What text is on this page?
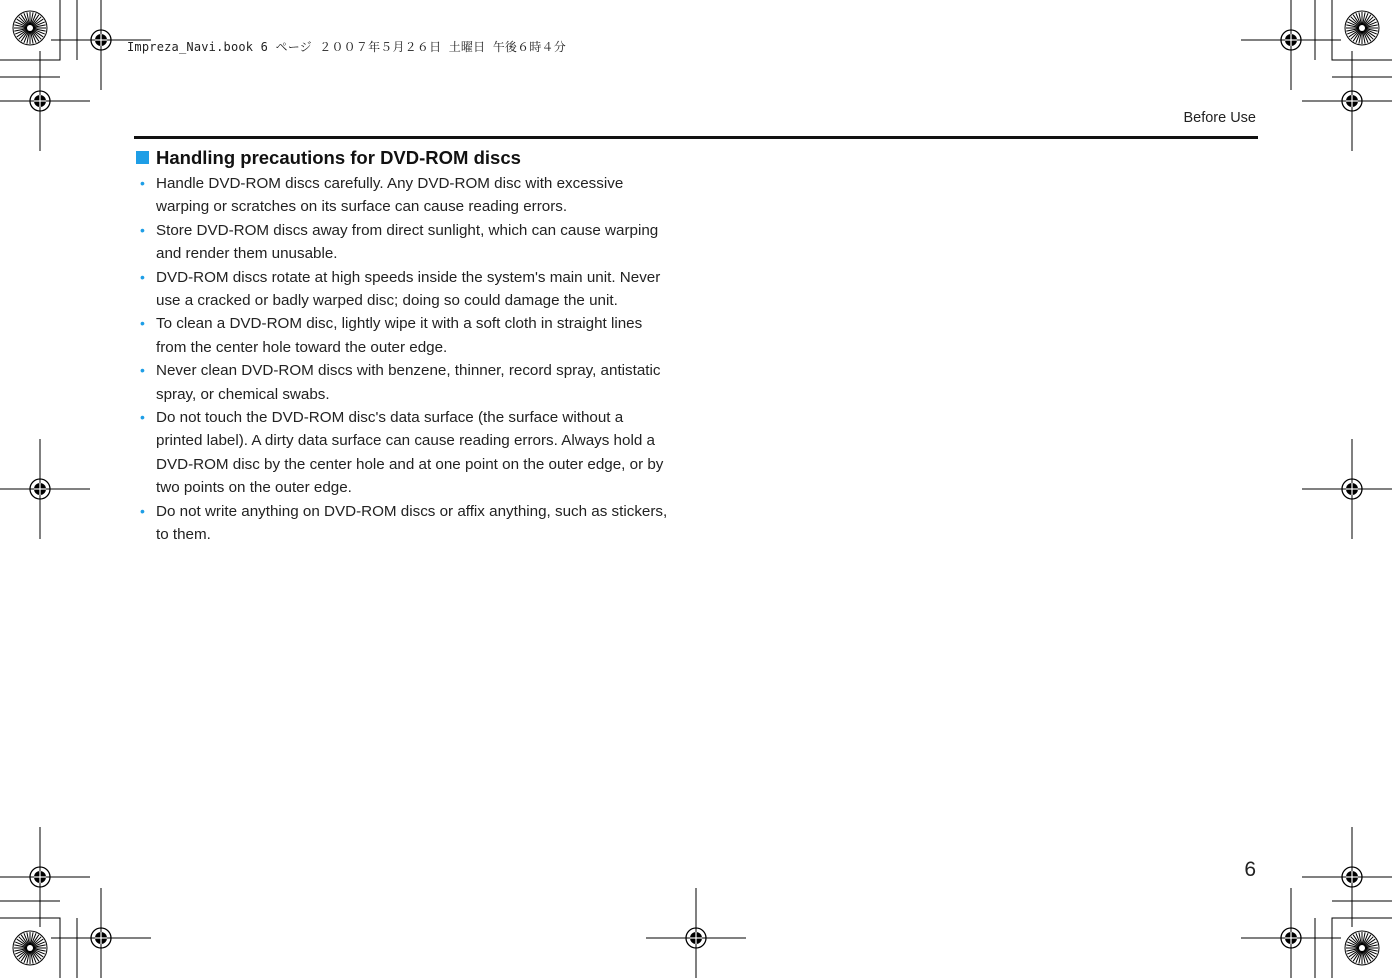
Impreza_Navi.book 6 ページ ２００７年５月２６日 土曜日 午後６時４分
Before Use
Handling precautions for DVD-ROM discs
• Handle DVD-ROM discs carefully. Any DVD-ROM disc with excessive warping or scratches on its surface can cause reading errors.
• Store DVD-ROM discs away from direct sunlight, which can cause warping and render them unusable.
• DVD-ROM discs rotate at high speeds inside the system's main unit. Never use a cracked or badly warped disc; doing so could damage the unit.
• To clean a DVD-ROM disc, lightly wipe it with a soft cloth in straight lines from the center hole toward the outer edge.
• Never clean DVD-ROM discs with benzene, thinner, record spray, antistatic spray, or chemical swabs.
• Do not touch the DVD-ROM disc's data surface (the surface without a printed label). A dirty data surface can cause reading errors. Always hold a DVD-ROM disc by the center hole and at one point on the outer edge, or by two points on the outer edge.
• Do not write anything on DVD-ROM discs or affix anything, such as stickers, to them.
6
